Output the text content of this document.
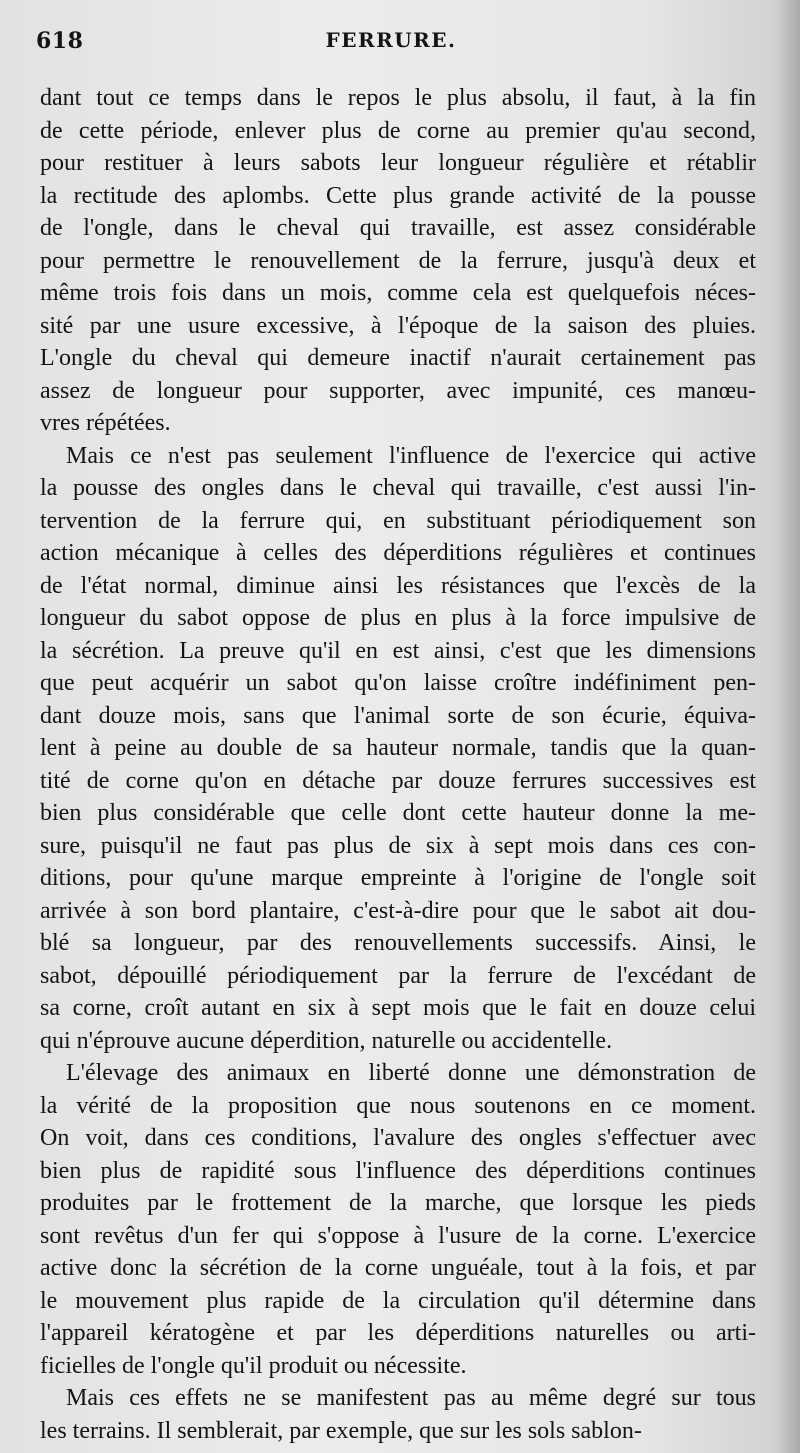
618	FERRURE.
dant tout ce temps dans le repos le plus absolu, il faut, à la fin
de cette période, enlever plus de corne au premier qu'au second,
pour restituer à leurs sabots leur longueur régulière et rétablir
la rectitude des aplombs. Cette plus grande activité de la pousse
de l'ongle, dans le cheval qui travaille, est assez considérable
pour permettre le renouvellement de la ferrure, jusqu'à deux et
même trois fois dans un mois, comme cela est quelquefois néces-
sité par une usure excessive, à l'époque de la saison des pluies.
L'ongle du cheval qui demeure inactif n'aurait certainement pas
assez de longueur pour supporter, avec impunité, ces manœu-
vres répétées.
Mais ce n'est pas seulement l'influence de l'exercice qui active
la pousse des ongles dans le cheval qui travaille, c'est aussi l'in-
tervention de la ferrure qui, en substituant périodiquement son
action mécanique à celles des déperditions régulières et continues
de l'état normal, diminue ainsi les résistances que l'excès de la
longueur du sabot oppose de plus en plus à la force impulsive de
la sécrétion. La preuve qu'il en est ainsi, c'est que les dimensions
que peut acquérir un sabot qu'on laisse croître indéfiniment pen-
dant douze mois, sans que l'animal sorte de son écurie, équiva-
lent à peine au double de sa hauteur normale, tandis que la quan-
tité de corne qu'on en détache par douze ferrures successives est
bien plus considérable que celle dont cette hauteur donne la me-
sure, puisqu'il ne faut pas plus de six à sept mois dans ces con-
ditions, pour qu'une marque empreinte à l'origine de l'ongle soit
arrivée à son bord plantaire, c'est-à-dire pour que le sabot ait dou-
blé sa longueur, par des renouvellements successifs. Ainsi, le
sabot, dépouillé périodiquement par la ferrure de l'excédant de
sa corne, croît autant en six à sept mois que le fait en douze celui
qui n'éprouve aucune déperdition, naturelle ou accidentelle.
L'élevage des animaux en liberté donne une démonstration de
la vérité de la proposition que nous soutenons en ce moment.
On voit, dans ces conditions, l'avalure des ongles s'effectuer avec
bien plus de rapidité sous l'influence des déperditions continues
produites par le frottement de la marche, que lorsque les pieds
sont revêtus d'un fer qui s'oppose à l'usure de la corne. L'exercice
active donc la sécrétion de la corne unguéale, tout à la fois, et par
le mouvement plus rapide de la circulation qu'il détermine dans
l'appareil kératogène et par les déperditions naturelles ou arti-
ficielles de l'ongle qu'il produit ou nécessite.
Mais ces effets ne se manifestent pas au même degré sur tous
les terrains. Il semblerait, par exemple, que sur les sols sablon-
